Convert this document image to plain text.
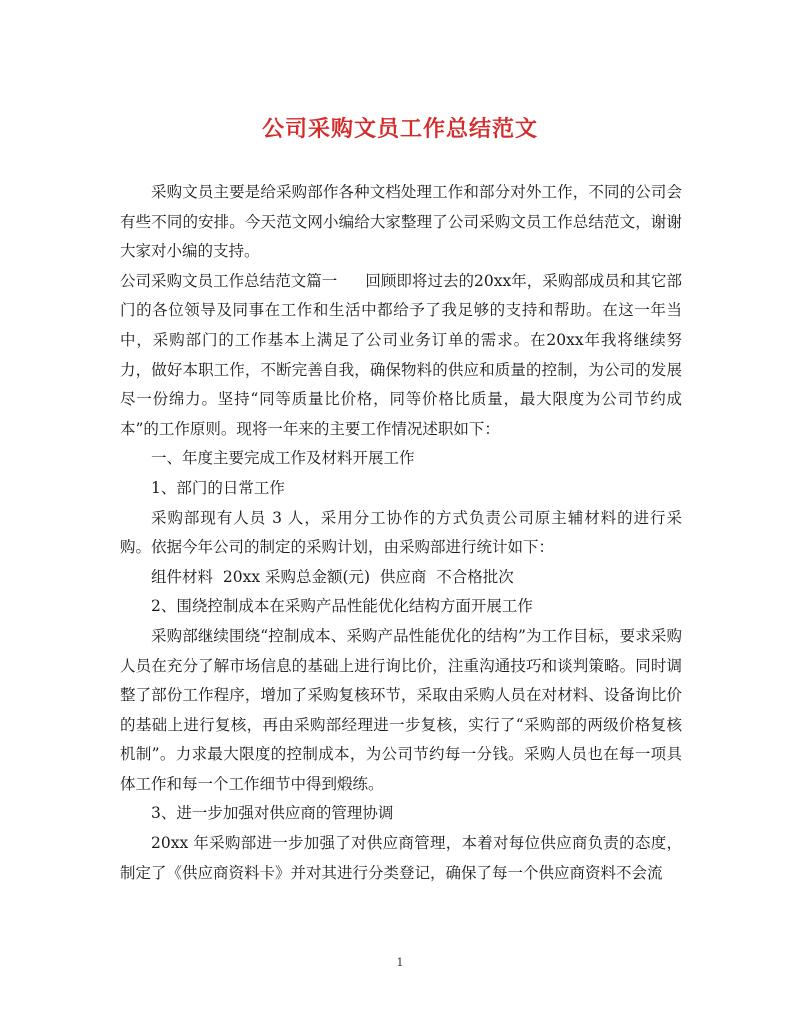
公司采购文员工作总结范文

采购文员主要是给采购部作各种文档处理工作和部分对外工作，不同的公司会有些不同的安排。今天范文网小编给大家整理了公司采购文员工作总结范文，谢谢大家对小编的支持。

公司采购文员工作总结范文篇一 回顾即将过去的20xx年，采购部成员和其它部门的各位领导及同事在工作和生活中都给予了我足够的支持和帮助。在这一年当中，采购部门的工作基本上满足了公司业务订单的需求。在20xx年我将继续努力，做好本职工作，不断完善自我，确保物料的供应和质量的控制，为公司的发展尽一份绵力。坚持“同等质量比价格，同等价格比质量，最大限度为公司节约成本”的工作原则。现将一年来的主要工作情况述职如下：

一、年度主要完成工作及材料开展工作

1、部门的日常工作

采购部现有人员 3 人，采用分工协作的方式负责公司原主辅材料的进行采购。依据今年公司的制定的采购计划，由采购部进行统计如下：

组件材料  20xx 采购总金额(元)  供应商  不合格批次

2、围绕控制成本在采购产品性能优化结构方面开展工作

采购部继续围绕“控制成本、采购产品性能优化的结构”为工作目标，要求采购人员在充分了解市场信息的基础上进行询比价，注重沟通技巧和谈判策略。同时调整了部份工作程序，增加了采购复核环节，采取由采购人员在对材料、设备询比价的基础上进行复核，再由采购部经理进一步复核，实行了“采购部的两级价格复核机制”。力求最大限度的控制成本，为公司节约每一分钱。采购人员也在每一项具体工作和每一个工作细节中得到煅练。

3、进一步加强对供应商的管理协调

20xx 年采购部进一步加强了对供应商管理，本着对每位供应商负责的态度，制定了《供应商资料卡》并对其进行分类登记，确保了每一个供应商资料不会流

1
